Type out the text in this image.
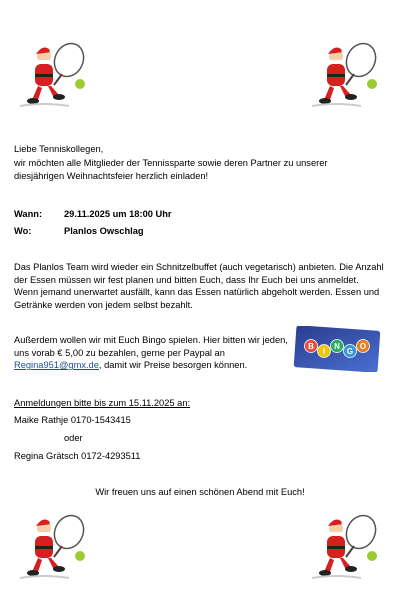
Liebe Tenniskollegen,
wir möchten alle Mitglieder der Tennissparte sowie deren Partner zu unserer diesjährigen Weihnachtsfeier herzlich einladen!
Wann: 29.11.2025 um 18:00 Uhr
Wo:	Planlos Owschlag
Das Planlos Team wird wieder ein Schnitzelbuffet (auch vegetarisch) anbieten. Die Anzahl der Essen müssen wir fest planen und bitten Euch, dass Ihr Euch bei uns anmeldet. Wenn jemand unerwartet ausfällt, kann das Essen natürlich abgeholt werden. Essen und Getränke werden von jedem selbst bezahlt.
Außerdem wollen wir mit Euch Bingo spielen. Hier bitten wir jeden, uns vorab € 5,00 zu bezahlen, gerne per Paypal an Regina951@gmx.de, damit wir Preise besorgen können.
B
I
N
G
O
Anmeldungen bitte bis zum 15.11.2025 an:
Maike Rathje 0170-1543415
oder
Regina Grätsch 0172-4293511
Wir freuen uns auf einen schönen Abend mit Euch!
